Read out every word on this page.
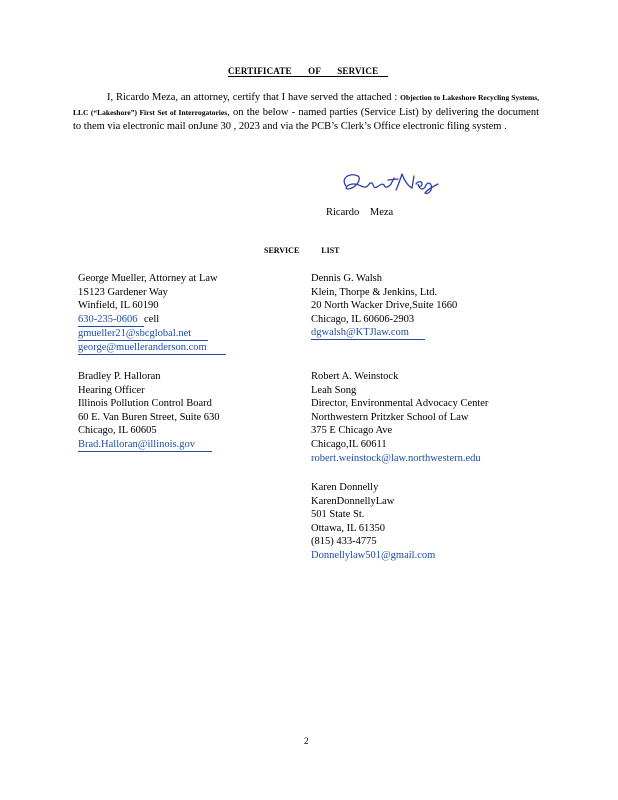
CERTIFICATE OF SERVICE
I, Ricardo Meza, an attorney, certify that I have served the attached : Objection to Lakeshore Recycling Systems, LLC (“Lakeshore”) First Set of Interrogatories, on the below - named parties (Service List) by delivering the document to them via electronic mail onJune 30 , 2023 and via the PCB’s Clerk’s Office electronic filing system .
Ricardo Meza
SERVICE LIST
George Mueller, Attorney at Law
1S123 Gardener Way
Winfield, IL 60190
630-235-0606 cell
gmueller21@sbcglobal.net
george@muelleranderson.com
Dennis G. Walsh
Klein, Thorpe & Jenkins, Ltd.
20 North Wacker Drive,Suite 1660
Chicago, IL 60606-2903
dgwalsh@KTJlaw.com
Bradley P. Halloran
Hearing Officer
Illinois Pollution Control Board
60 E. Van Buren Street, Suite 630
Chicago, IL 60605
Brad.Halloran@illinois.gov
Robert A. Weinstock
Leah Song
Director, Environmental Advocacy Center
Northwestern Pritzker School of Law
375 E Chicago Ave
Chicago,IL 60611
robert.weinstock@law.northwestern.edu
Karen Donnelly
KarenDonnellyLaw
501 State St.
Ottawa, IL 61350
(815) 433-4775
Donnellylaw501@gmail.com
2
